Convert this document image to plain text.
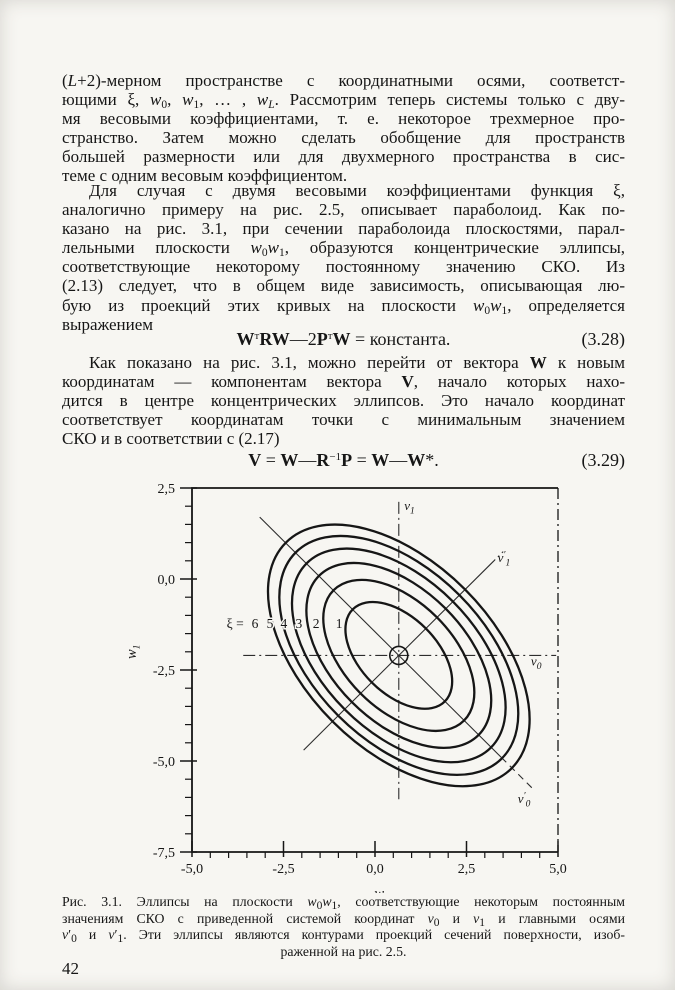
(L+2)-мерном пространстве с координатными осями, соответст-
ющими ξ, $w_0$, $w_1$, … , $w_L$. Рассмотрим теперь системы только с дву-
мя весовыми коэффициентами, т. е. некоторое трехмерное про-
странство. Затем можно сделать обобщение для пространств
большей размерности или для двухмерного пространства в сис-
теме с одним весовым коэффициентом.
Для случая с двумя весовыми коэффициентами функция ξ,
аналогично примеру на рис. 2.5, описывает параболоид. Как по-
казано на рис. 3.1, при сечении параболоида плоскостями, парал-
лельными плоскости $w_0w_1$, образуются концентрические эллипсы,
соответствующие некоторому постоянному значению СКО. Из
(2.13) следует, что в общем виде зависимость, описывающая лю-
бую из проекций этих кривых на плоскости $w_0w_1$, определяется
выражением
$W^тRW—2P^тW$ = константа.	(3.28)
Как показано на рис. 3.1, можно перейти от вектора W к новым
координатам — компонентам вектора V, начало которых нахо-
дится в центре концентрических эллипсов. Это начало координат
соответствует координатам точки с минимальным значением
СКО и в соответствии с (2.17)
$V = W—R^{-1}P$ = W—W*.	(3.29)
-5,0	-2,5	0,0	2,5	5,0
2,5
0,0
-2,5
-5,0
-7,5
ξ = 6 5 4 3 2 1
$v_1$
$v_0$
$v'_1$
$v'_0$
$w_1$
Рис. 3.1. Эллипсы на плоскости $w_0w_1$, соответствующие некоторым постоянным
значениям СКО с приведенной системой координат $v_0$ и $v_1$ и главными осями
$v'_0$ и $v'_1$. Эти эллипсы являются контурами проекций сечений поверхности, изоб-
раженной на рис. 2.5.
42
